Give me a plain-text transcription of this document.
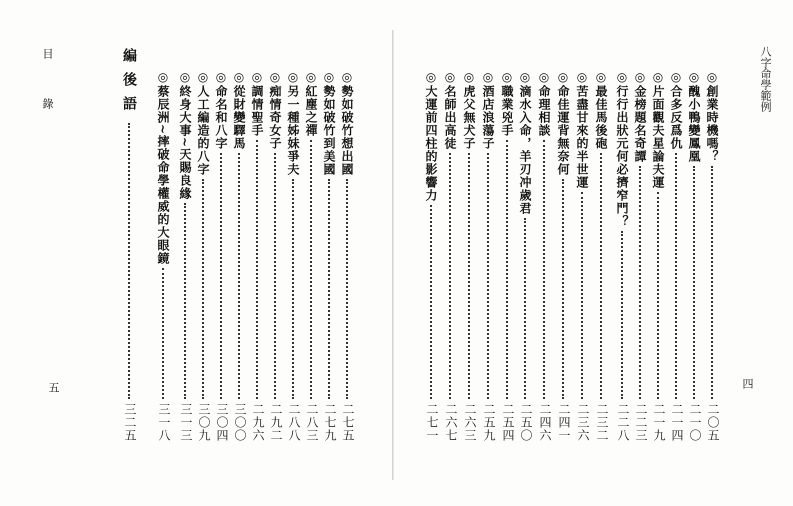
目　錄
五
◎勢如破竹想出國
二七五
◎勢如破竹到美國
二七九
◎紅塵之禪
二八三
◎另一種姊妹爭夫
二八八
◎痴情奇女子
二九二
◎調情聖手
二九六
◎從財變驛馬
三〇〇
◎命名和八字
三〇四
◎人工編造的八字
三〇九
◎終身大事~天賜良緣
三一三
◎蔡辰洲~摔破命學權威的大眼鏡
三一八
編後語
三二五
八字命學範例
四
◎創業時機嗎？
二〇五
◎醜小鴨變鳳凰
二一〇
◎合多反爲仇
二一四
◎片面觀夫星論夫運
二一九
◎金榜題名奇譚
二二三
◎行行出狀元何必擠窄門？
二二八
◎最佳馬後砲
二三二
◎苦盡甘來的半世運
二三六
◎命佳運背無奈何
二四一
◎命理相談
二四六
◎滴水入命，羊刃冲歲君
二五〇
◎職業兇手
二五四
◎酒店浪蕩子
二五九
◎虎父無犬子
二六三
◎名師出高徒
二六七
◎大運前四柱的影響力
二七一
